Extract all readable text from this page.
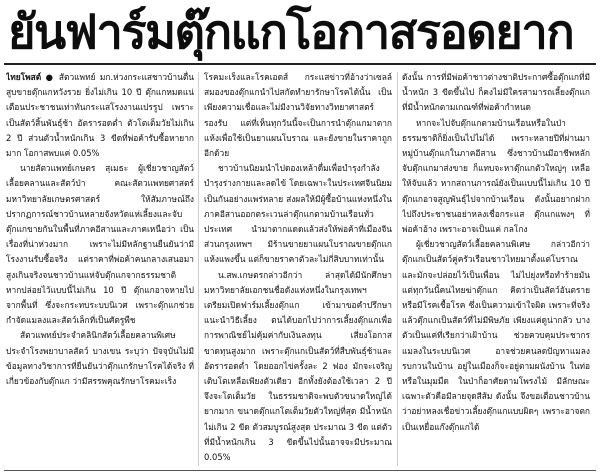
ยันฟาร์มตุ๊กแกโอกาสรอดยาก

ไทยโพสต์ ● สัตวแพทย์ มก.ห่วงกระแสชาวบ้านตื่นสูบขายตุ๊กแกหวังรวย ยิ่งไม่เกิน 10 ปี ตุ๊กแกหมดแน่ เตือนประชาชนเท่าทันกระแสโรงงานแปรรูป เพราะเป็นสัตว์สิ้นพันธุ์ช้า อัตรารอดต่ำ ตัวโตเต็มวัยไม่เกิน 2 ปี ส่วนตัวน้ำหนักเกิน 3 ขีดที่พ่อค้ารับซื้อหายากมาก โอกาสพบแค่ 0.05%

นายสัตวแพทย์เกษตร สุเมธะ ผู้เชี่ยวชาญสัตว์เลื้อยคลานและสัตว์ป่า คณะสัตวแพทยศาสตร์ มหาวิทยาลัยเกษตรศาสตร์ ให้สัมภาษณ์ถึงปรากฏการณ์ชาวบ้านหลายจังหวัดแห่เลี้ยงและจับตุ๊กแกขายกันในพื้นที่ภาคอีสานและภาคเหนือว่า เป็นเรื่องที่น่าห่วงมาก เพราะไม่มีหลักฐานยืนยันว่ามีโรงงานรับซื้อจริง แต่ราคาที่พ่อค้าคนกลางเสนอมาสูงเกินจริงจนชาวบ้านแห่จับตุ๊กแกจากธรรมชาติ หากปล่อยไว้แบบนี้ไม่เกิน 10 ปี ตุ๊กแกอาจหายไปจากพื้นที่ ซึ่งจะกระทบระบบนิเวศ เพราะตุ๊กแกช่วยกำจัดแมลงและสัตว์เล็กที่เป็นศัตรูพืช

สัตวแพทย์ประจำคลินิกสัตว์เลื้อยคลานพิเศษ ประจำโรงพยาบาลสัตว์ บางเขน ระบุว่า ปัจจุบันไม่มีข้อมูลทางวิชาการที่ยืนยันว่าตุ๊กแกรักษาโรคได้จริง ที่เกี่ยวข้องกับตุ๊กแก ว่ามีสรรพคุณรักษาโรคมะเร็ง

โรคมะเร็งและโรคเอดส์ กระแสข่าวที่อ้างว่าเซลล์สมองของตุ๊กแกนำไปสกัดทำยารักษาโรคได้นั้น เป็นเพียงความเชื่อและไม่มีงานวิจัยทางวิทยาศาสตร์รองรับ แต่ที่เห็นทุกวันนี้จะเป็นการนำตุ๊กแกมาตากแห้งเพื่อใช้เป็นยาแผนโบราณ และยังขายในราคาถูกอีกด้วย

ชาวบ้านนิยมนำไปดองเหล้าดื่มเพื่อบำรุงกำลังบำรุงร่างกายและลดไข้ โดยเฉพาะในประเทศจีนนิยมเป็นกันอย่างแพร่หลาย ส่งผลให้มีผู้ซื้อบ้านแห่งหนึ่งในภาคอีสานออกตระเวนล่าตุ๊กแกตามบ้านเรือนทั่วประเทศ นำมาตากแดดแล้วส่งให้พ่อค้าที่เมืองจีน ส่วนกรุงเทพฯ มีร้านขายยาแผนโบราณขายตุ๊กแกแห้งแพงขึ้น แต่ก็ขายราคาตัวละไม่กี่สิบบาทเท่านั้น

น.สพ.เกษตรกล่าวอีกว่า ล่าสุดได้มีนักศึกษามหาวิทยาลัยเอกชนชื่อดังแห่งหนึ่งในกรุงเทพฯ เตรียมเปิดฟาร์มเลี้ยงตุ๊กแก เข้ามาขอคำปรึกษาแนะนำวิธีเลี้ยง ตนได้บอกไปว่าการเลี้ยงตุ๊กแกเพื่อการพาณิชย์ไม่คุ้มค่ากับเงินลงทุน เสี่ยงโอกาสขาดทุนสูงมาก เพราะตุ๊กแกเป็นสัตว์ที่สืบพันธุ์ช้าและอัตรารอดต่ำ โดยออกไข่ครั้งละ 2 ฟอง มักจะเจริญเติบโตเหลือเพียงตัวเดียว อีกทั้งยังต้องใช้เวลา 2 ปี จึงจะโตเต็มวัย ในธรรมชาติจะพบตัวขนาดใหญ่ได้ยากมาก ขนาดตุ๊กแกโตเต็มวัยตัวใหญ่ที่สุด มีน้ำหนักไม่เกิน 2 ขีด ตัวสมบูรณ์สูงสุด ประมาณ 3 ขีด แต่ตัวที่มีน้ำหนักเกิน 3 ขีดขึ้นไปนั้นอาจจะมีประมาณ 0.05%

ดังนั้น การที่มีพ่อค้าชาวต่างชาติประกาศซื้อตุ๊กแกที่มีน้ำหนัก 3 ขีดขึ้นไป ก็คงไม่มีใครสามารถเลี้ยงตุ๊กแกที่มีน้ำหนักตามเกณฑ์ที่พ่อค้ากำหนด

หากจะไปจับตุ๊กแกตามบ้านเรือนหรือในป่าธรรมชาติก็ยิ่งเป็นไปไม่ได้ เพราะหลายปีที่ผ่านมาหมู่บ้านตุ๊กแกในภาคอีสาน ซึ่งชาวบ้านมีอาชีพหลักจับตุ๊กแกมาส่งขาย ก็แทบจะหาตุ๊กแกตัวใหญ่ๆ เหลือให้จับแล้ว หากสถานการณ์ยังเป็นแบบนี้ไม่เกิน 10 ปี ตุ๊กแกอาจสูญพันธุ์ไปจากบ้านเรือน ดังนั้นอยากฝากไปถึงประชาชนอย่าหลงเชื่อกระแส ตุ๊กแกแพงๆ ที่พ่อค้าอ้าง เพราะอาจเป็นแค่ กลโกง

ผู้เชี่ยวชาญสัตว์เลื้อยคลานพิเศษ กล่าวอีกว่า ตุ๊กแกเป็นสัตว์คู่ครัวเรือนชาวไทยมาตั้งแต่โบราณ และมักจะปล่อยไว้เป็นเพื่อน ไม่ไปยุ่งหรือทำร้ายมัน แต่ทุกวันนี้คนไทยฆ่าตุ๊กแก คิดว่าเป็นสัตว์อันตรายหรือมีโรคเชื้อโรค ซึ่งเป็นความเข้าใจผิด เพราะที่จริงแล้วตุ๊กแกเป็นสัตว์ที่ไม่มีพิษภัย เพียงแค่ดูน่ากลัว บางตัวเป็นแค่ที่เรียกว่าเฝ้าบ้าน ช่วยควบคุมประชากรแมลงในระบบนิเวศ อาจช่วยคนลดปัญหาแมลงรบกวนในบ้าน อยู่ในเมืองก็จะอยู่ตามผนังบ้าน ในท่อหรือในมุมมืด ในป่าก็อาศัยตามโพรงไม้ มีลักษณะเฉพาะตัวคือมีลายจุดสีส้ม ดังนั้น จึงขอเตือนชาวบ้านว่าอย่าหลงเชื่อข่าวเลี้ยงตุ๊กแกแบบผิดๆ เพราะอาจตกเป็นเหยื่อแก๊งตุ๊กแกได้
